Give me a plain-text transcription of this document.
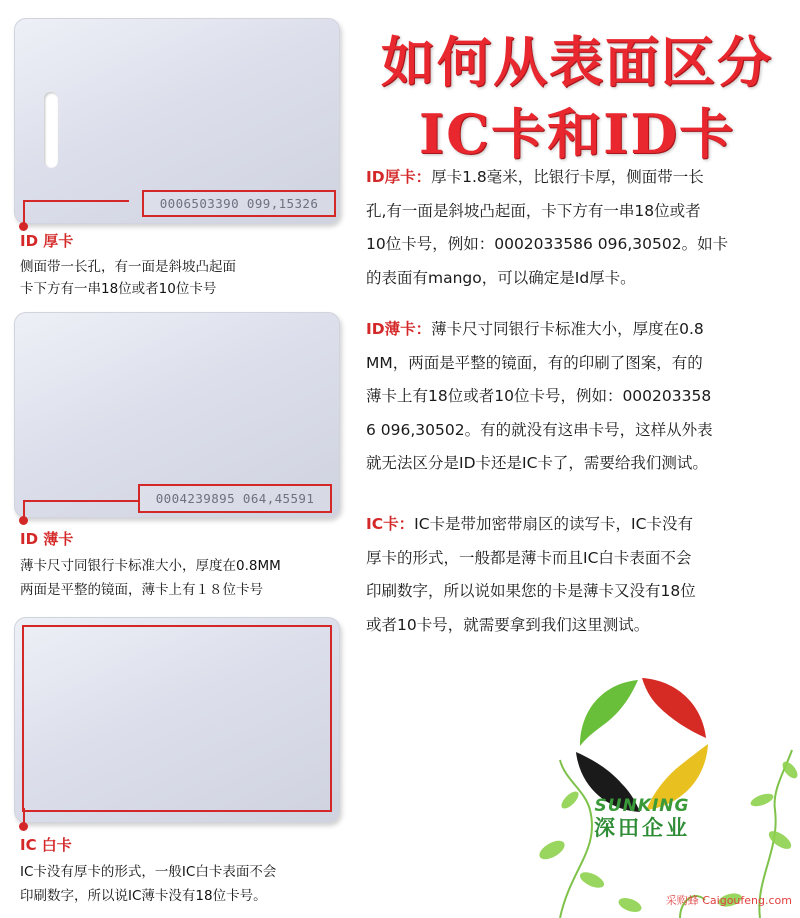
0006503390 099,15326
ID 厚卡
侧面带一长孔，有一面是斜坡凸起面
卡下方有一串18位或者10位卡号
0004239895 064,45591
ID 薄卡
薄卡尺寸同银行卡标准大小，厚度在0.8MM
两面是平整的镜面，薄卡上有１８位卡号
IC 白卡
IC卡没有厚卡的形式，一般IC白卡表面不会
印刷数字，所以说IC薄卡没有18位卡号。
如何从表面区分
IC卡和ID卡
ID厚卡：厚卡1.8毫米，比银行卡厚，侧面带一长
孔,有一面是斜坡凸起面，卡下方有一串18位或者
10位卡号，例如：0002033586 096,30502。如卡
的表面有mango，可以确定是Id厚卡。
ID薄卡：薄卡尺寸同银行卡标准大小，厚度在0.8
MM，两面是平整的镜面，有的印刷了图案，有的
薄卡上有18位或者10位卡号，例如：000203358
6 096,30502。有的就没有这串卡号，这样从外表
就无法区分是ID卡还是IC卡了，需要给我们测试。
IC卡：IC卡是带加密带扇区的读写卡，IC卡没有
厚卡的形式，一般都是薄卡而且IC白卡表面不会
印刷数字，所以说如果您的卡是薄卡又没有18位
或者10卡号，就需要拿到我们这里测试。
SUNKING
深田企业
采购蜂 Caigoufeng.com
